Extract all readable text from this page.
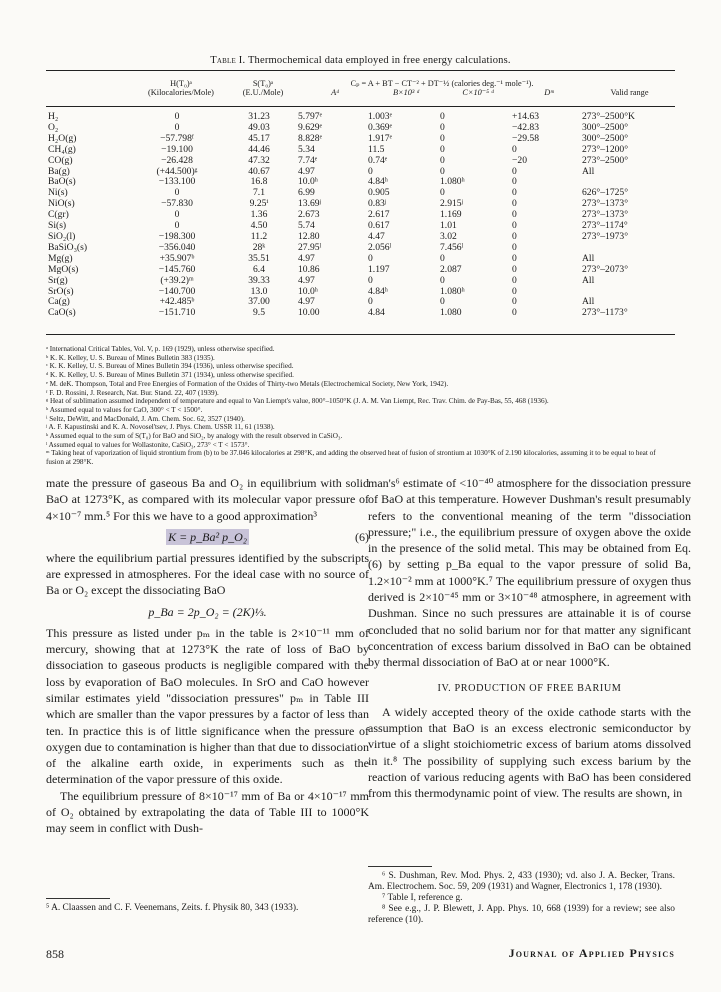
Table I. Thermochemical data employed in free energy calculations.
H(T₀)ᵃ
(Kilocalories/Mole)
S(T₀)ᵃ
(E.U./Mole)
Cₚ = A + BT − CT⁻² + DT⁻½ (calories deg.⁻¹ mole⁻¹).
Aᵈ	B×10³ ᵈ	C×10⁻⁵ ᵈ	Dᵐ	Valid range
H₂	0	31.23	5.797ᵉ	1.003ᵉ	0	+14.63	273°–2500°K
O₂	0	49.03	9.629ᵉ	0.369ᵉ	0	−42.83	300°–2500°
H₂O(g)	−57.798ᶠ	45.17	8.828ᵉ	1.917ᵉ	0	−29.58	300°–2500°
CH₄(g)	−19.100	44.46	5.34	11.5	0	0	273°–1200°
CO(g)	−26.428	47.32	7.74ᵉ	0.74ᵉ	0	−20	273°–2500°
Ba(g)	(+44.500)ᵍ	40.67	4.97	0	0	0	All
BaO(s)	−133.100	16.8	10.0ʰ	4.84ʰ	1.080ʰ	0	
Ni(s)	0	7.1	6.99	0.905	0	0	626°–1725°
NiO(s)	−57.830	9.25ⁱ	13.69ʲ	0.83ʲ	2.915ʲ	0	273°–1373°
C(gr)	0	1.36	2.673	2.617	1.169	0	273°–1373°
Si(s)	0	4.50	5.74	0.617	1.01	0	273°–1174°
SiO₂(l)	−198.300	11.2	12.80	4.47	3.02	0	273°–1973°
BaSiO₃(s)	−356.040	28ᵏ	27.95ˡ	2.056ˡ	7.456ˡ	0	
Mg(g)	+35.907ᵇ	35.51	4.97	0	0	0	All
MgO(s)	−145.760	6.4	10.86	1.197	2.087	0	273°–2073°
Sr(g)	(+39.2)ᵐ	39.33	4.97	0	0	0	All
SrO(s)	−140.700	13.0	10.0ʰ	4.84ʰ	1.080ʰ	0	
Ca(g)	+42.485ᵇ	37.00	4.97	0	0	0	All
CaO(s)	−151.710	9.5	10.00	4.84	1.080	0	273°–1173°

ᵃ International Critical Tables, Vol. V, p. 169 (1929), unless otherwise specified.

ᵇ K. K. Kelley, U. S. Bureau of Mines Bulletin 383 (1935).

ᶜ K. K. Kelley, U. S. Bureau of Mines Bulletin 394 (1936), unless otherwise specified.

ᵈ K. K. Kelley, U. S. Bureau of Mines Bulletin 371 (1934), unless otherwise specified.

ᵉ M. deK. Thompson, Total and Free Energies of Formation of the Oxides of Thirty-two Metals (Electrochemical Society, New York, 1942).

ᶠ F. D. Rossini, J. Research, Nat. Bur. Stand. 22, 407 (1939).

ᵍ Heat of sublimation assumed independent of temperature and equal to Van Liempt's value, 800°–1050°K (J. A. M. Van Liempt, Rec. Trav. Chim. de Pay-Bas, 55, 468 (1936).

ʰ Assumed equal to values for CaO, 300° < T < 1500°.

ⁱ Seltz, DeWitt, and MacDonald, J. Am. Chem. Soc. 62, 3527 (1940).

ʲ A. F. Kapustinski and K. A. Novosel'tsev, J. Phys. Chem. USSR 11, 61 (1938).

ᵏ Assumed equal to the sum of S(T₀) for BaO and SiO₂, by analogy with the result observed in CaSiO₃.

ˡ Assumed equal to values for Wollastonite, CaSiO₃, 273° < T < 1573°.

ᵐ Taking heat of vaporization of liquid strontium from (b) to be 37.046 kilocalories at 298°K, and adding the observed heat of fusion of strontium at 1030°K of 2.190 kilocalories, assuming it to be equal to heat of fusion at 298°K.

mate the pressure of gaseous Ba and O₂ in equilibrium with solid BaO at 1273°K, as compared with its molecular vapor pressure of 4×10⁻⁷ mm.⁵ For this we have to a good approximation³

K = p_Ba² p_O₂	(6)

where the equilibrium partial pressures identified by the subscripts are expressed in atmospheres. For the ideal case with no source of Ba or O₂ except the dissociating BaO

p_Ba = 2p_O₂ = (2K)⅓.

This pressure as listed under pₘ in the table is 2×10⁻¹¹ mm of mercury, showing that at 1273°K the rate of loss of BaO by dissociation to gaseous products is negligible compared with the loss by evaporation of BaO molecules. In SrO and CaO however similar estimates yield "dissociation pressures" pₘ in Table III which are smaller than the vapor pressures by a factor of less than ten. In practice this is of little significance when the pressure of oxygen due to contamination is higher than that due to dissociation of the alkaline earth oxide, in experiments such as the determination of the vapor pressure of this oxide.

The equilibrium pressure of 8×10⁻¹⁷ mm of Ba or 4×10⁻¹⁷ mm of O₂ obtained by extrapolating the data of Table III to 1000°K may seem in conflict with Dush-

⁵ A. Claassen and C. F. Veenemans, Zeits. f. Physik 80, 343 (1933).

man's⁶ estimate of <10⁻⁴⁰ atmosphere for the dissociation pressure of BaO at this temperature. However Dushman's result presumably refers to the conventional meaning of the term "dissociation pressure;" i.e., the equilibrium pressure of oxygen above the oxide in the presence of the solid metal. This may be obtained from Eq. (6) by setting p_Ba equal to the vapor pressure of solid Ba, 1.2×10⁻² mm at 1000°K.⁷ The equilibrium pressure of oxygen thus derived is 2×10⁻⁴⁵ mm or 3×10⁻⁴⁸ atmosphere, in agreement with Dushman. Since no such pressures are attainable it is of course concluded that no solid barium nor for that matter any significant concentration of excess barium dissolved in BaO can be obtained by thermal dissociation of BaO at or near 1000°K.

IV. PRODUCTION OF FREE BARIUM

A widely accepted theory of the oxide cathode starts with the assumption that BaO is an excess electronic semiconductor by virtue of a slight stoichiometric excess of barium atoms dissolved in it.⁸ The possibility of supplying such excess barium by the reaction of various reducing agents with BaO has been considered from this thermodynamic point of view. The results are shown, in

⁶ S. Dushman, Rev. Mod. Phys. 2, 433 (1930); vd. also J. A. Becker, Trans. Am. Electrochem. Soc. 59, 209 (1931) and Wagner, Electronics 1, 178 (1930).
⁷ Table I, reference g.
⁸ See e.g., J. P. Blewett, J. App. Phys. 10, 668 (1939) for a review; see also reference (10).
858	Journal of Applied Physics
